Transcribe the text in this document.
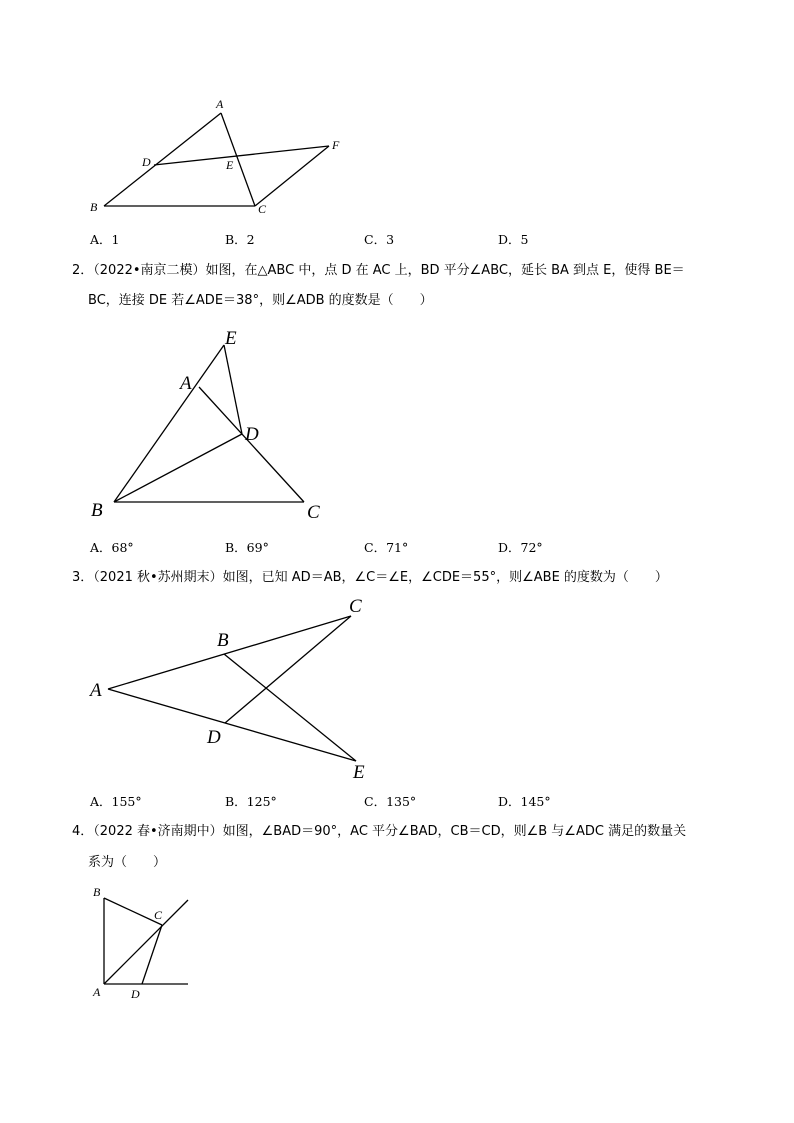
A
D	E
F
B	C
A．1	B．2	C．3	D．5
2．（2022•南京二模）如图，在△ABC 中，点 D 在 AC 上，BD 平分∠ABC，延长 BA 到点 E，使得 BE＝
BC，连接 DE 若∠ADE＝38°，则∠ADB 的度数是（　　）
E
A
D
B	C
A．68°	B．69°	C．71°	D．72°
3．（2021 秋•苏州期末）如图，已知 AD＝AB，∠C＝∠E，∠CDE＝55°，则∠ABE 的度数为（　　）
C
B
A
D
E
A．155°	B．125°	C．135°	D．145°
4．（2022 春•济南期中）如图，∠BAD＝90°，AC 平分∠BAD，CB＝CD，则∠B 与∠ADC 满足的数量关
系为（　　）
B
C
A	D
